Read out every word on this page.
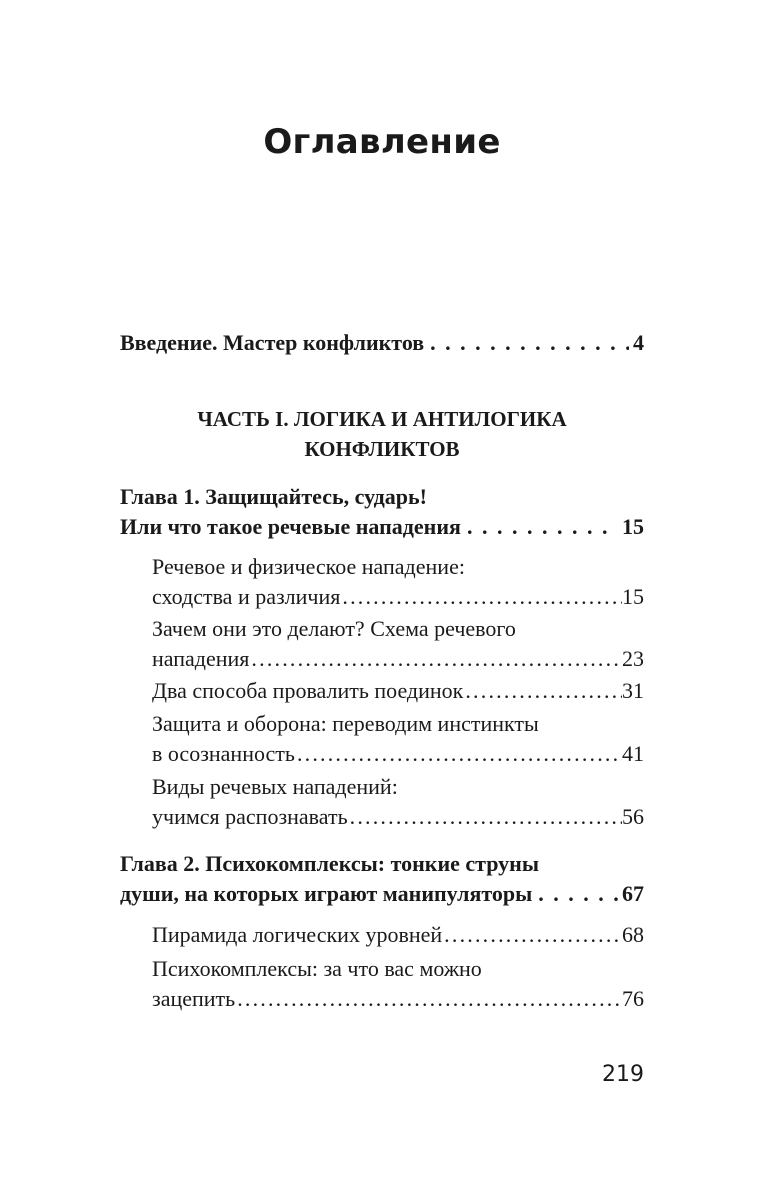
Оглавление
Введение. Мастер конфликтов . . .	4
ЧАСТЬ I. ЛОГИКА И АНТИЛОГИКА
КОНФЛИКТОВ
Глава 1. Защищайтесь, сударь!
Или что такое речевые нападения . . .	15
Речевое и физическое нападение:
сходства и различия .....	15
Зачем они это делают? Схема речевого
нападения .....	23
Два способа провалить поединок .....	31
Защита и оборона: переводим инстинкты
в осознанность .....	41
Виды речевых нападений:
учимся распознавать .....	56
Глава 2. Психокомплексы: тонкие струны
души, на которых играют манипуляторы . . .	67
Пирамида логических уровней .....	68
Психокомплексы: за что вас можно
зацепить .....	76
219
